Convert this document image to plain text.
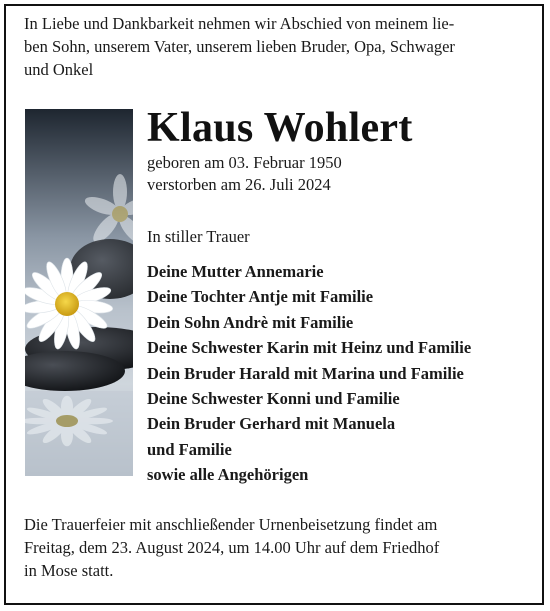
In Liebe und Dankbarkeit nehmen wir Abschied von meinem lie-
ben Sohn, unserem Vater, unserem lieben Bruder, Opa, Schwager
und Onkel
Klaus Wohlert
geboren am 03. Februar 1950
verstorben am 26. Juli 2024
In stiller Trauer
Deine Mutter Annemarie
Deine Tochter Antje mit Familie
Dein Sohn Andrè mit Familie
Deine Schwester Karin mit Heinz und Familie
Dein Bruder Harald mit Marina und Familie
Deine Schwester Konni und Familie
Dein Bruder Gerhard mit Manuela
und Familie
sowie alle Angehörigen
Die Trauerfeier mit anschließender Urnenbeisetzung findet am
Freitag, dem 23. August 2024, um 14.00 Uhr auf dem Friedhof
in Mose statt.
